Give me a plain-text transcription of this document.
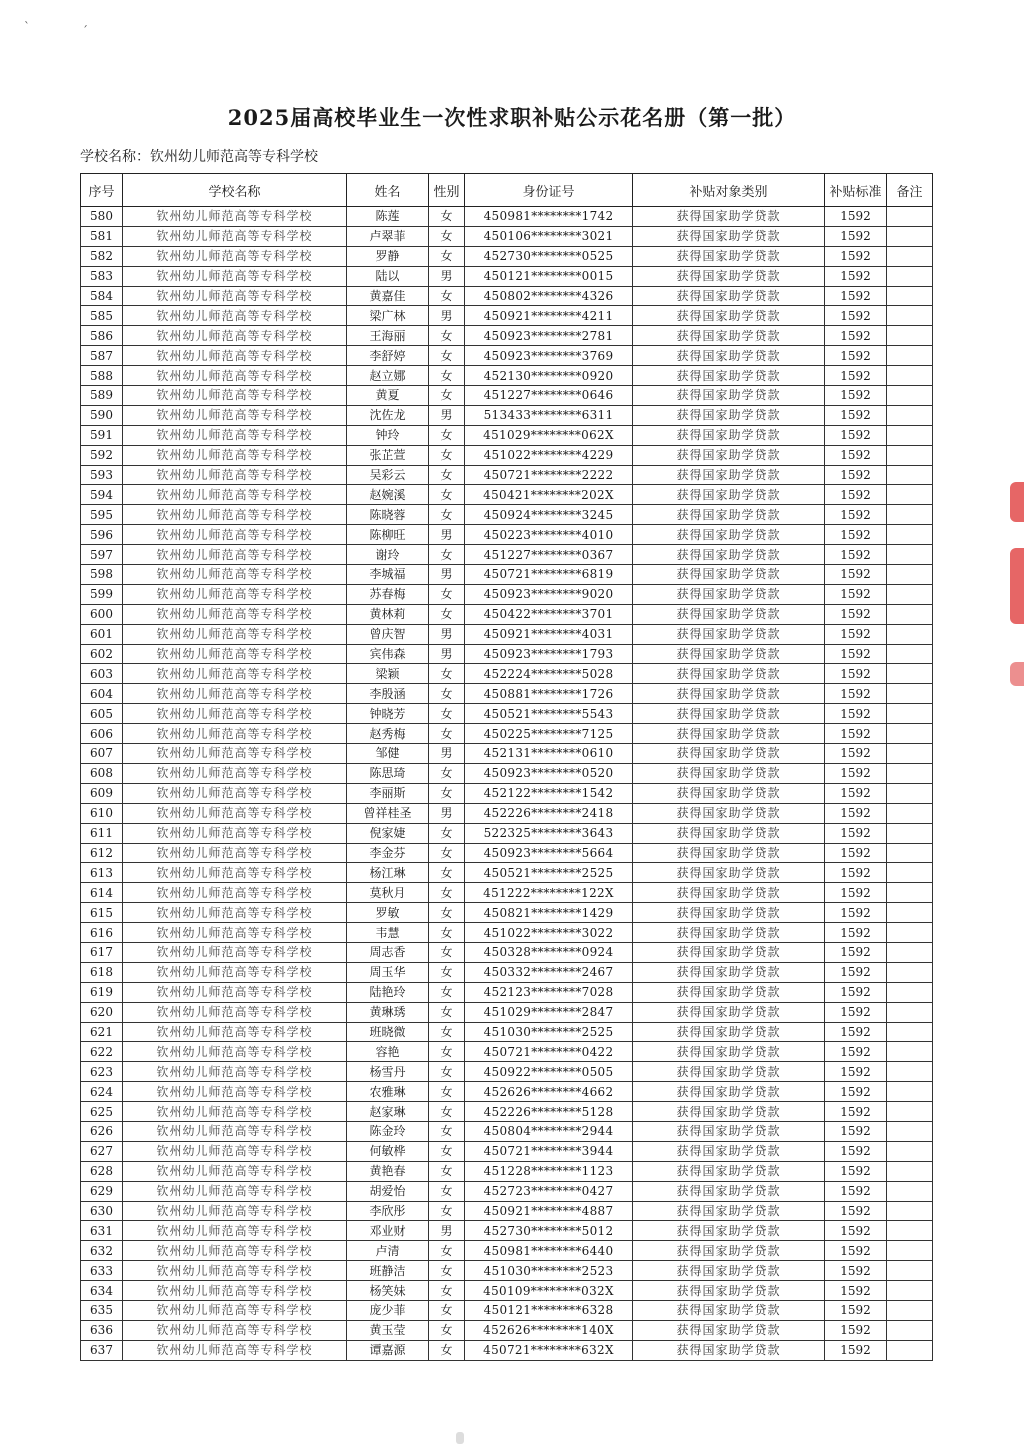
ˋ	ˊ
2025届高校毕业生一次性求职补贴公示花名册（第一批）
学校名称：钦州幼儿师范高等专科学校
序号	学校名称	姓名	性别	身份证号	补贴对象类别	补贴标准	备注
580	钦州幼儿师范高等专科学校	陈莲	女	450981********1742	获得国家助学贷款	1592	
581	钦州幼儿师范高等专科学校	卢翠菲	女	450106********3021	获得国家助学贷款	1592	
582	钦州幼儿师范高等专科学校	罗静	女	452730********0525	获得国家助学贷款	1592	
583	钦州幼儿师范高等专科学校	陆以	男	450121********0015	获得国家助学贷款	1592	
584	钦州幼儿师范高等专科学校	黄嘉佳	女	450802********4326	获得国家助学贷款	1592	
585	钦州幼儿师范高等专科学校	梁广林	男	450921********4211	获得国家助学贷款	1592	
586	钦州幼儿师范高等专科学校	王海丽	女	450923********2781	获得国家助学贷款	1592	
587	钦州幼儿师范高等专科学校	李舒婷	女	450923********3769	获得国家助学贷款	1592	
588	钦州幼儿师范高等专科学校	赵立娜	女	452130********0920	获得国家助学贷款	1592	
589	钦州幼儿师范高等专科学校	黄夏	女	451227********0646	获得国家助学贷款	1592	
590	钦州幼儿师范高等专科学校	沈佐龙	男	513433********6311	获得国家助学贷款	1592	
591	钦州幼儿师范高等专科学校	钟玲	女	451029********062X	获得国家助学贷款	1592	
592	钦州幼儿师范高等专科学校	张芷萱	女	451022********4229	获得国家助学贷款	1592	
593	钦州幼儿师范高等专科学校	吴彩云	女	450721********2222	获得国家助学贷款	1592	
594	钦州幼儿师范高等专科学校	赵婉溪	女	450421********202X	获得国家助学贷款	1592	
595	钦州幼儿师范高等专科学校	陈晓蓉	女	450924********3245	获得国家助学贷款	1592	
596	钦州幼儿师范高等专科学校	陈柳旺	男	450223********4010	获得国家助学贷款	1592	
597	钦州幼儿师范高等专科学校	谢玲	女	451227********0367	获得国家助学贷款	1592	
598	钦州幼儿师范高等专科学校	李城福	男	450721********6819	获得国家助学贷款	1592	
599	钦州幼儿师范高等专科学校	苏春梅	女	450923********9020	获得国家助学贷款	1592	
600	钦州幼儿师范高等专科学校	黄林莉	女	450422********3701	获得国家助学贷款	1592	
601	钦州幼儿师范高等专科学校	曾庆智	男	450921********4031	获得国家助学贷款	1592	
602	钦州幼儿师范高等专科学校	宾伟森	男	450923********1793	获得国家助学贷款	1592	
603	钦州幼儿师范高等专科学校	梁颖	女	452224********5028	获得国家助学贷款	1592	
604	钦州幼儿师范高等专科学校	李殷涵	女	450881********1726	获得国家助学贷款	1592	
605	钦州幼儿师范高等专科学校	钟晓芳	女	450521********5543	获得国家助学贷款	1592	
606	钦州幼儿师范高等专科学校	赵秀梅	女	450225********7125	获得国家助学贷款	1592	
607	钦州幼儿师范高等专科学校	邹健	男	452131********0610	获得国家助学贷款	1592	
608	钦州幼儿师范高等专科学校	陈思琦	女	450923********0520	获得国家助学贷款	1592	
609	钦州幼儿师范高等专科学校	李丽斯	女	452122********1542	获得国家助学贷款	1592	
610	钦州幼儿师范高等专科学校	曾祥桂圣	男	452226********2418	获得国家助学贷款	1592	
611	钦州幼儿师范高等专科学校	倪家婕	女	522325********3643	获得国家助学贷款	1592	
612	钦州幼儿师范高等专科学校	李金芬	女	450923********5664	获得国家助学贷款	1592	
613	钦州幼儿师范高等专科学校	杨江琳	女	450521********2525	获得国家助学贷款	1592	
614	钦州幼儿师范高等专科学校	莫秋月	女	451222********122X	获得国家助学贷款	1592	
615	钦州幼儿师范高等专科学校	罗敏	女	450821********1429	获得国家助学贷款	1592	
616	钦州幼儿师范高等专科学校	韦慧	女	451022********3022	获得国家助学贷款	1592	
617	钦州幼儿师范高等专科学校	周志香	女	450328********0924	获得国家助学贷款	1592	
618	钦州幼儿师范高等专科学校	周玉华	女	450332********2467	获得国家助学贷款	1592	
619	钦州幼儿师范高等专科学校	陆艳玲	女	452123********7028	获得国家助学贷款	1592	
620	钦州幼儿师范高等专科学校	黄琳琇	女	451029********2847	获得国家助学贷款	1592	
621	钦州幼儿师范高等专科学校	班晓微	女	451030********2525	获得国家助学贷款	1592	
622	钦州幼儿师范高等专科学校	容艳	女	450721********0422	获得国家助学贷款	1592	
623	钦州幼儿师范高等专科学校	杨雪丹	女	450922********0505	获得国家助学贷款	1592	
624	钦州幼儿师范高等专科学校	农雅琳	女	452626********4662	获得国家助学贷款	1592	
625	钦州幼儿师范高等专科学校	赵家琳	女	452226********5128	获得国家助学贷款	1592	
626	钦州幼儿师范高等专科学校	陈金玲	女	450804********2944	获得国家助学贷款	1592	
627	钦州幼儿师范高等专科学校	何敏桦	女	450721********3944	获得国家助学贷款	1592	
628	钦州幼儿师范高等专科学校	黄艳春	女	451228********1123	获得国家助学贷款	1592	
629	钦州幼儿师范高等专科学校	胡爱怡	女	452723********0427	获得国家助学贷款	1592	
630	钦州幼儿师范高等专科学校	李欣彤	女	450921********4887	获得国家助学贷款	1592	
631	钦州幼儿师范高等专科学校	邓业财	男	452730********5012	获得国家助学贷款	1592	
632	钦州幼儿师范高等专科学校	卢清	女	450981********6440	获得国家助学贷款	1592	
633	钦州幼儿师范高等专科学校	班静洁	女	451030********2523	获得国家助学贷款	1592	
634	钦州幼儿师范高等专科学校	杨笑妹	女	450109********032X	获得国家助学贷款	1592	
635	钦州幼儿师范高等专科学校	庞少菲	女	450121********6328	获得国家助学贷款	1592	
636	钦州幼儿师范高等专科学校	黄玉莹	女	452626********140X	获得国家助学贷款	1592	
637	钦州幼儿师范高等专科学校	谭嘉源	女	450721********632X	获得国家助学贷款	1592	
